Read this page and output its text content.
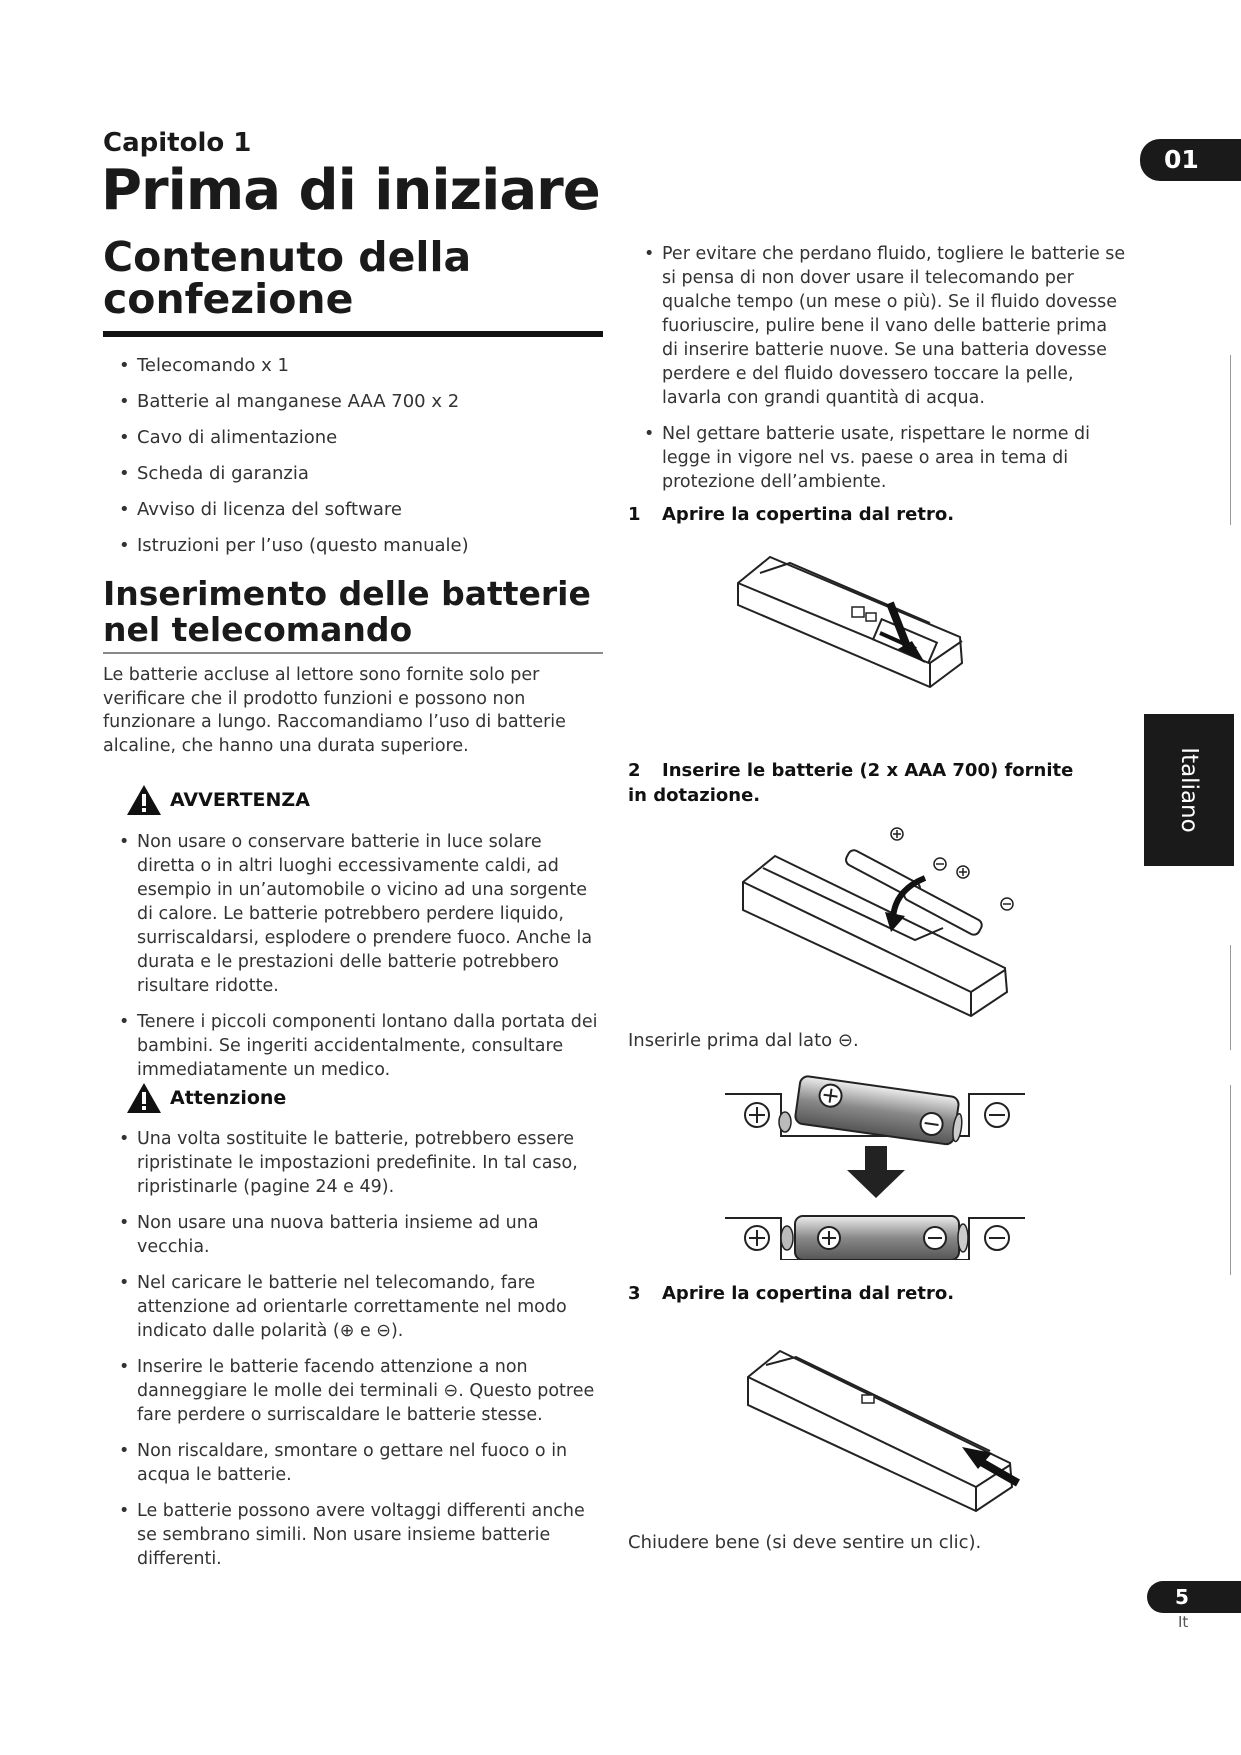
Capitolo 1
Prima di iniziare	01
Contenuto della confezione
• Telecomando x 1
• Batterie al manganese AAA 700 x 2
• Cavo di alimentazione
• Scheda di garanzia
• Avviso di licenza del software
• Istruzioni per l’uso (questo manuale)
Inserimento delle batterie nel telecomando

Le batterie accluse al lettore sono fornite solo per verificare che il prodotto funzioni e possono non funzionare a lungo. Raccomandiamo l’uso di batterie alcaline, che hanno una durata superiore.

AVVERTENZA
• Non usare o conservare batterie in luce solare diretta o in altri luoghi eccessivamente caldi, ad esempio in un’automobile o vicino ad una sorgente di calore. Le batterie potrebbero perdere liquido, surriscaldarsi, esplodere o prendere fuoco. Anche la durata e le prestazioni delle batterie potrebbero risultare ridotte.
• Tenere i piccoli componenti lontano dalla portata dei bambini. Se ingeriti accidentalmente, consultare immediatamente un medico.
Attenzione
• Una volta sostituite le batterie, potrebbero essere ripristinate le impostazioni predefinite. In tal caso, ripristinarle (pagine 24 e 49).
• Non usare una nuova batteria insieme ad una vecchia.
• Nel caricare le batterie nel telecomando, fare attenzione ad orientarle correttamente nel modo indicato dalle polarità (⊕ e ⊖).
• Inserire le batterie facendo attenzione a non danneggiare le molle dei terminali ⊖. Questo potree fare perdere o surriscaldare le batterie stesse.
• Non riscaldare, smontare o gettare nel fuoco o in acqua le batterie.
• Le batterie possono avere voltaggi differenti anche se sembrano simili. Non usare insieme batterie differenti.
• Per evitare che perdano fluido, togliere le batterie se si pensa di non dover usare il telecomando per qualche tempo (un mese o più). Se il fluido dovesse fuoriuscire, pulire bene il vano delle batterie prima di inserire batterie nuove. Se una batteria dovesse perdere e del fluido dovessero toccare la pelle, lavarla con grandi quantità di acqua.
• Nel gettare batterie usate, rispettare le norme di legge in vigore nel vs. paese o area in tema di protezione dell’ambiente.
1 Aprire la copertina dal retro.
2 Inserire le batterie (2 x AAA 700) fornite in dotazione.
Inserirle prima dal lato ⊖.
3 Aprire la copertina dal retro.
Chiudere bene (si deve sentire un clic).
Italiano
5
It
